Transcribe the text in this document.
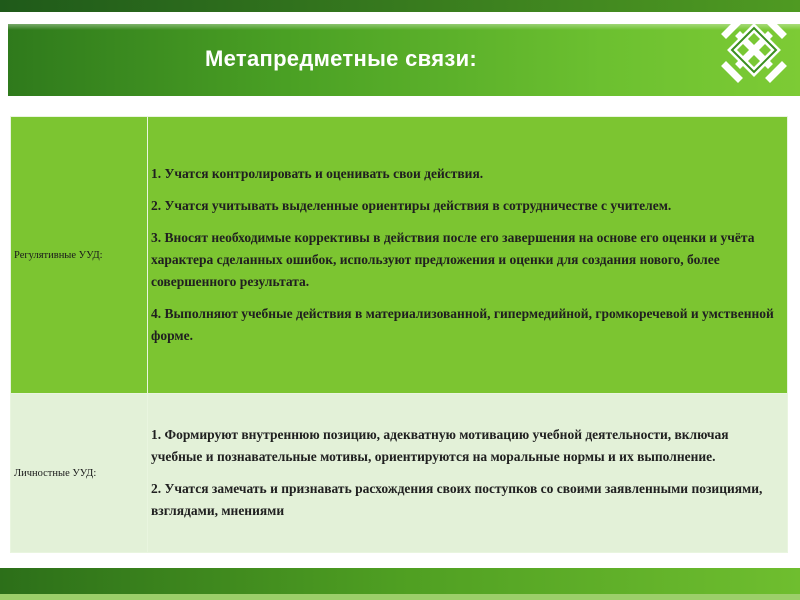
Метапредметные связи:
Регулятивные УУД:	1. Учатся контролировать и оценивать свои действия.

2. Учатся учитывать выделенные ориентиры действия в сотрудничестве с учителем.

3. Вносят необходимые коррективы в действия после его завершения на основе его оценки и учёта характера сделанных ошибок, используют предложения и оценки для создания нового, более совершенного результата.

4. Выполняют учебные действия в материализованной, гипермедийной, громкоречевой и умственной форме.

Личностные УУД:	1. Формируют внутреннюю позицию, адекватную мотивацию учебной деятельности, включая учебные и познавательные мотивы, ориентируются на моральные нормы и их выполнение.

2. Учатся замечать и признавать расхождения своих поступков со своими заявленными позициями, взглядами, мнениями
